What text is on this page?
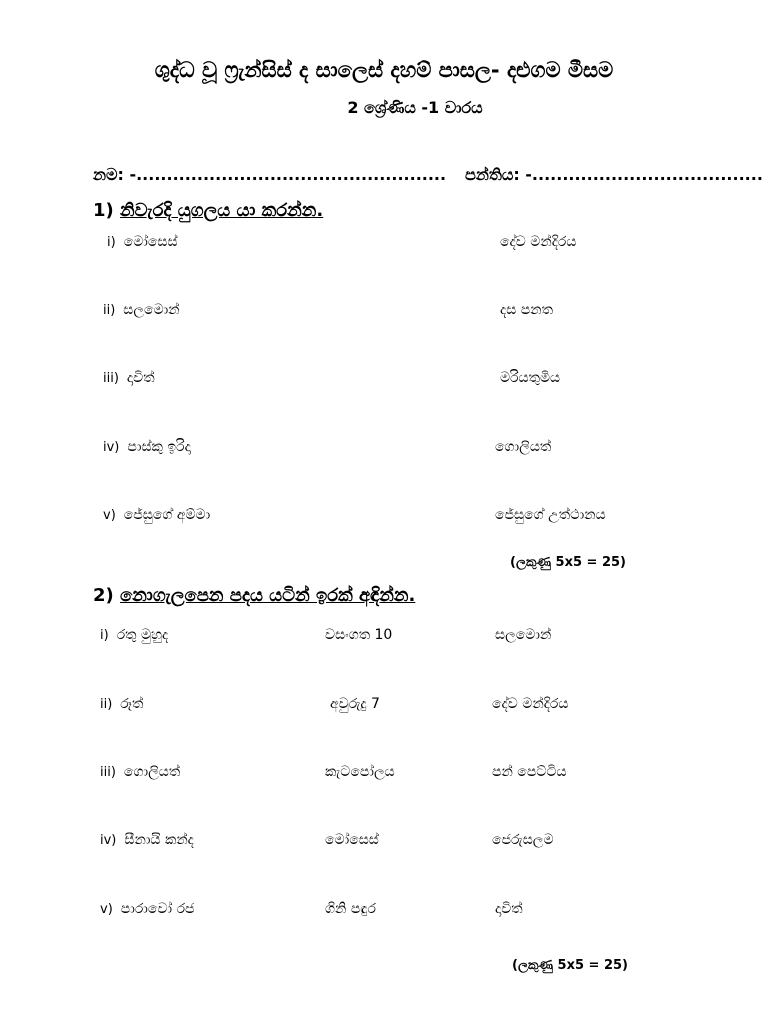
ශුද්ධ වූ ෆ්‍රැන්සිස් ද සාලෙස් දහම් පාසල- දළුගම මීසම
2 ශ්‍රේණිය -1 වාරය
නම: -................................................... පන්තිය: -......................................
1) නිවැරදි යුගලය යා කරන්න.
i) මෝසෙස්	දේව මන්දිරය
ii) සලමොන්	දස පනත
iii) දාවිත්	මරියතුමිය
iv) පාස්කු ඉරිදා	ගොලියත්
v) ජේසුගේ අම්මා	ජේසුගේ උත්ථානය
(ලකුණු 5x5 = 25)
2) නොගැලපෙන පදය යටින් ඉරක් අඳින්න.
i) රතු මුහුද	වසංගත 10	සලමොන්
ii) රූත්	අවුරුදු 7	දේව මන්දිරය
iii) ගොලියත්	කැටපෝලය	පන් පෙට්ටිය
iv) සීනායි කන්ද	මෝසෙස්	ජෙරුසලම
v) පාරාවෝ රජ	ගිනි පඳුර	දාවිත්
(ලකුණු 5x5 = 25)
